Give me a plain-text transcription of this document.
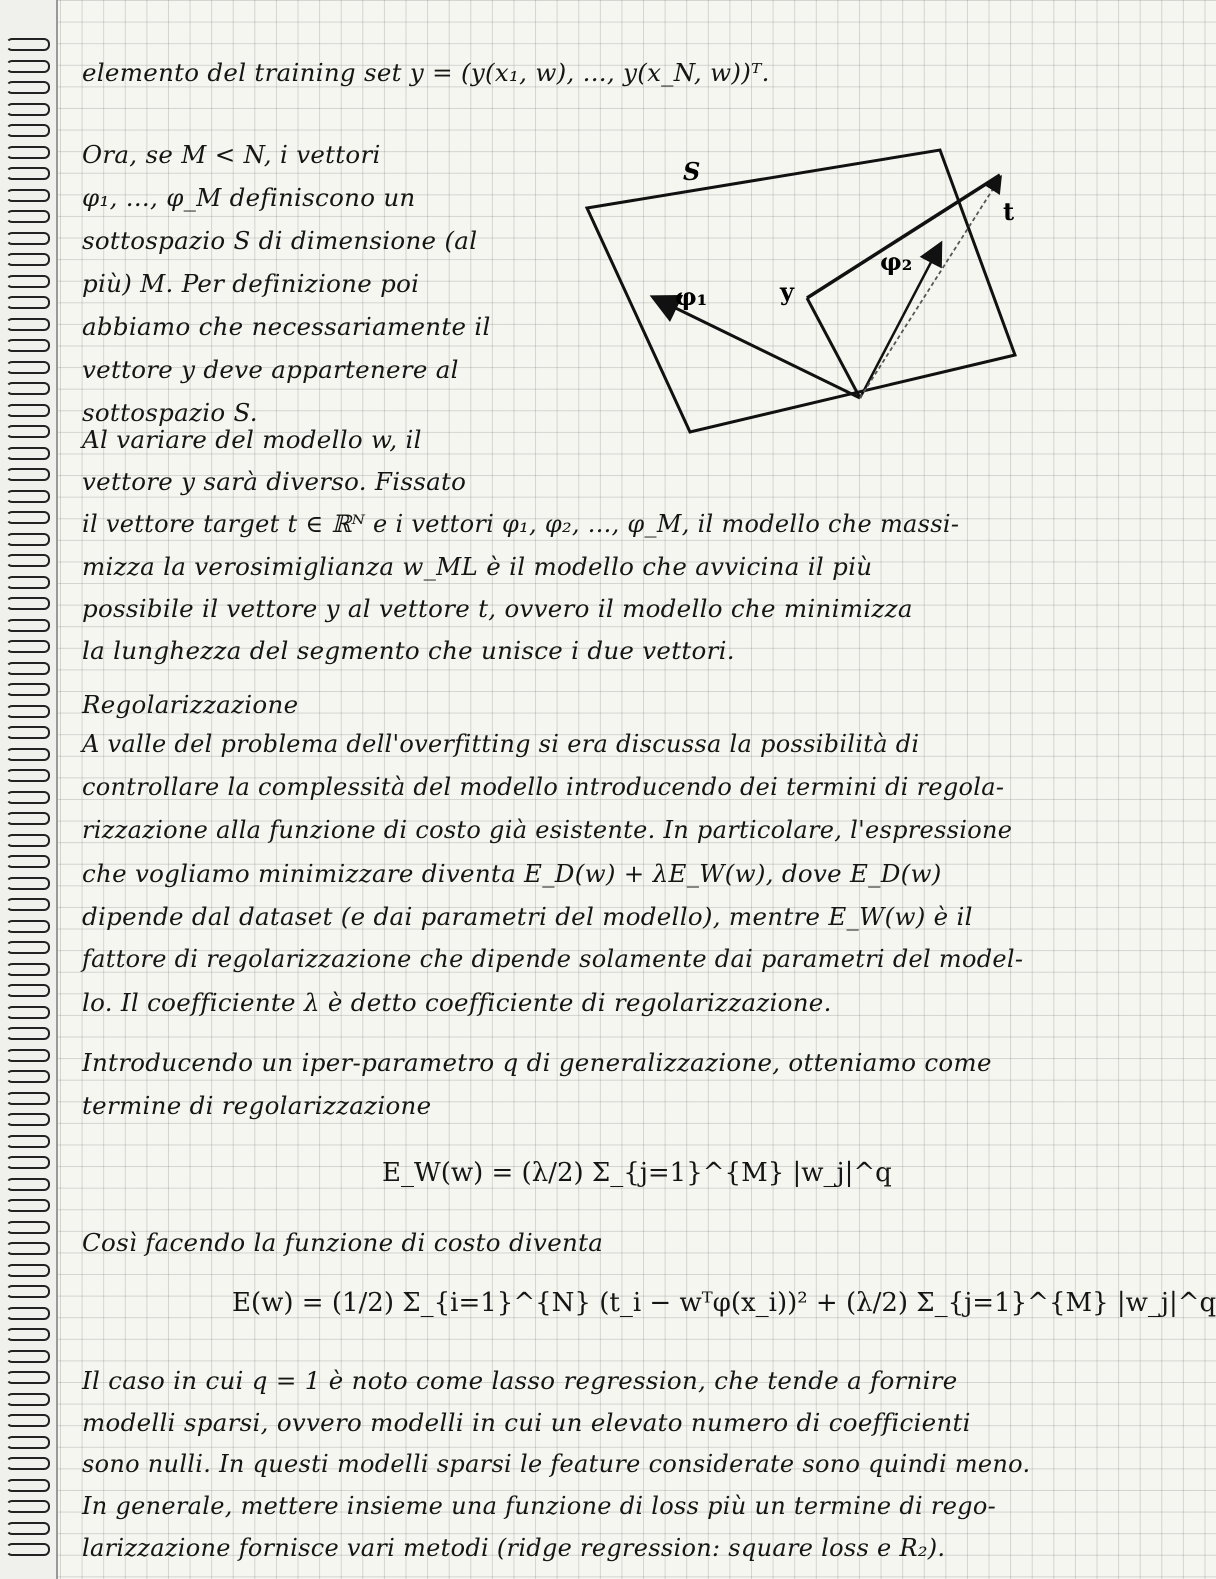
elemento del training set y = (y(x₁, w), ..., y(x_N, w))ᵀ.

Ora, se M < N, i vettori

φ₁, ..., φ_M definiscono un

sottospazio S di dimensione (al

più) M. Per definizione poi

abbiamo che necessariamente il

vettore y deve appartenere al

sottospazio S.

Al variare del modello w, il

vettore y sarà diverso. Fissato

il vettore target t ∈ ℝᴺ e i vettori φ₁, φ₂, ..., φ_M, il modello che massi-

mizza la verosimiglianza w_ML è il modello che avvicina il più

possibile il vettore y al vettore t, ovvero il modello che minimizza

la lunghezza del segmento che unisce i due vettori.

Regolarizzazione

A valle del problema dell'overfitting si era discussa la possibilità di

controllare la complessità del modello introducendo dei termini di regola-

rizzazione alla funzione di costo già esistente. In particolare, l'espressione

che vogliamo minimizzare diventa E_D(w) + λE_W(w), dove E_D(w)

dipende dal dataset (e dai parametri del modello), mentre E_W(w) è il

fattore di regolarizzazione che dipende solamente dai parametri del model-

lo. Il coefficiente λ è detto coefficiente di regolarizzazione.

Introducendo un iper-parametro q di generalizzazione, otteniamo come

termine di regolarizzazione

E_W(w) = (λ/2) Σ_{j=1}^{M} |w_j|^q

Così facendo la funzione di costo diventa

E(w) = (1/2) Σ_{i=1}^{N} (t_i − wᵀφ(x_i))² + (λ/2) Σ_{j=1}^{M} |w_j|^q

Il caso in cui q = 1 è noto come lasso regression, che tende a fornire

modelli sparsi, ovvero modelli in cui un elevato numero di coefficienti

sono nulli. In questi modelli sparsi le feature considerate sono quindi meno.

In generale, mettere insieme una funzione di loss più un termine di rego-

larizzazione fornisce vari metodi (ridge regression: square loss e R₂).

S
φ₁
φ₂
y
t
